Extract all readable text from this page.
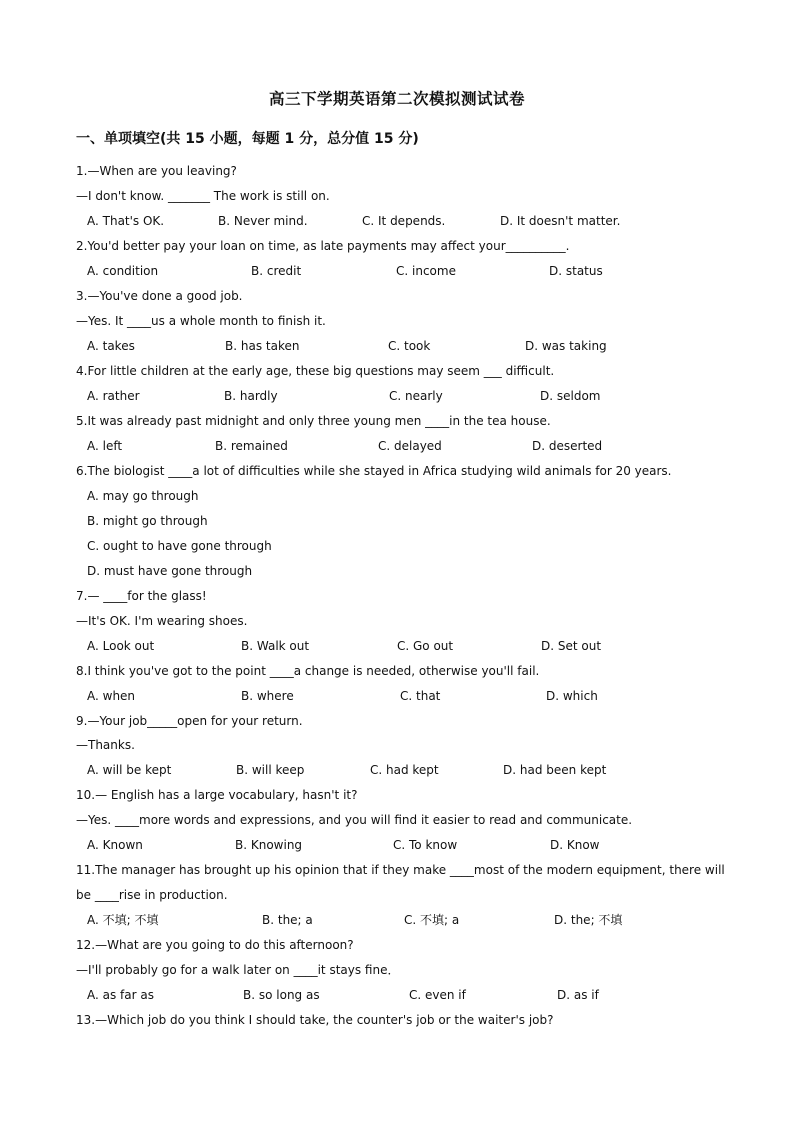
高三下学期英语第二次模拟测试试卷
一、单项填空(共 15 小题，每题 1 分，总分值 15 分)
1.—When are you leaving?
—I don't know. _______ The work is still on.
A. That's OK.	B. Never mind.	C. It depends.	D. It doesn't matter.
2.You'd better pay your loan on time, as late payments may affect your__________.
A. condition	B. credit	C. income	D. status
3.—You've done a good job.
—Yes. It ____us a whole month to finish it.
A. takes	B. has taken	C. took	D. was taking
4.For little children at the early age, these big questions may seem ___ difficult.
A. rather	B. hardly	C. nearly	D. seldom
5.It was already past midnight and only three young men ____in the tea house.
A. left	B. remained	C. delayed	D. deserted
6.The biologist ____a lot of difficulties while she stayed in Africa studying wild animals for 20 years.
A. may go through
B. might go through
C. ought to have gone through
D. must have gone through
7.— ____for the glass!
—It's OK. I'm wearing shoes.
A. Look out	B. Walk out	C. Go out	D. Set out
8.I think you've got to the point ____a change is needed, otherwise you'll fail.
A. when	B. where	C. that	D. which
9.—Your job_____open for your return.
—Thanks.
A. will be kept	B. will keep	C. had kept	D. had been kept
10.— English has a large vocabulary, hasn't it?
—Yes. ____more words and expressions, and you will find it easier to read and communicate.
A. Known	B. Knowing	C. To know	D. Know
11.The manager has brought up his opinion that if they make ____most of the modern equipment, there will
be ____rise in production.
A. 不填; 不填	B. the; a	C. 不填; a	D. the; 不填
12.—What are you going to do this afternoon?
—I'll probably go for a walk later on ____it stays fine．
A. as far as	B. so long as	C. even if	D. as if
13.—Which job do you think I should take, the counter's job or the waiter's job?
